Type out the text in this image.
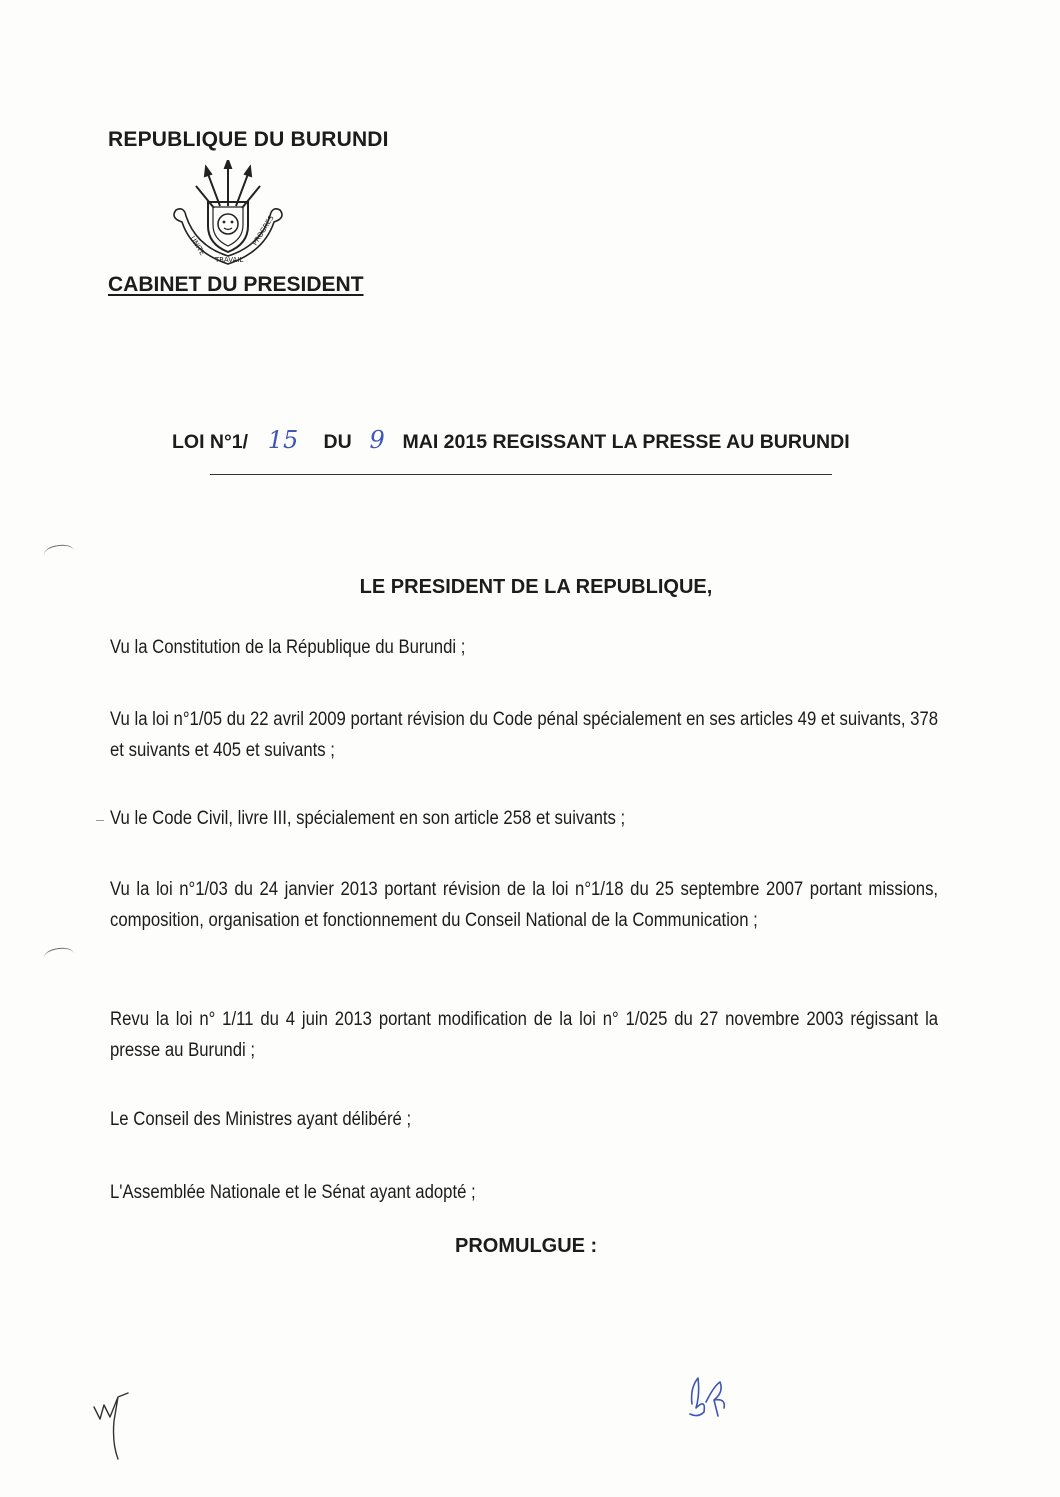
REPUBLIQUE DU BURUNDI
UNITE
TRAVAIL
PROGRES
CABINET DU PRESIDENT
LOI N°1/ 15 DU 9 MAI 2015 REGISSANT LA PRESSE AU BURUNDI
LE PRESIDENT DE LA REPUBLIQUE,
Vu la Constitution de la République du Burundi ;
Vu la loi n°1/05 du 22 avril 2009 portant révision du Code pénal spécialement en ses articles 49 et suivants, 378 et suivants et 405 et suivants ;
Vu le Code Civil, livre III, spécialement en son article 258 et suivants ;
Vu la loi n°1/03 du 24 janvier 2013 portant révision de la loi n°1/18 du 25 septembre 2007 portant missions, composition, organisation et fonctionnement du Conseil National de la Communication ;
Revu la loi n° 1/11 du 4 juin 2013 portant modification de la loi n° 1/025 du 27 novembre 2003 régissant la presse au Burundi ;
Le Conseil des Ministres ayant délibéré ;
L'Assemblée Nationale et le Sénat ayant adopté ;
PROMULGUE :
